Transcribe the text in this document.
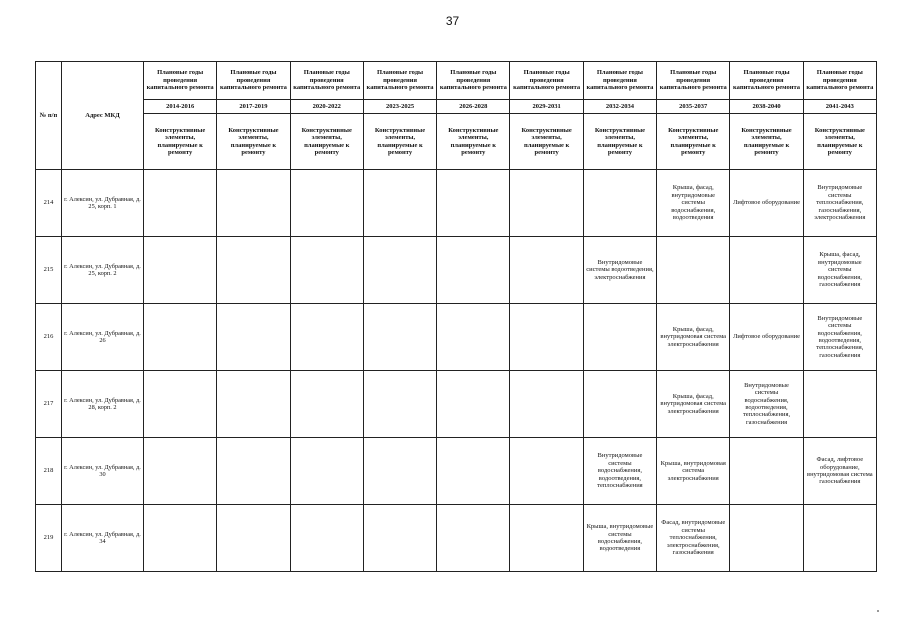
37
№ п/п	Адрес МКД	Плановые годы проведения капитального ремонта	Плановые годы проведения капитального ремонта	Плановые годы проведения капитального ремонта	Плановые годы проведения капитального ремонта	Плановые годы проведения капитального ремонта	Плановые годы проведения капитального ремонта	Плановые годы проведения капитального ремонта	Плановые годы проведения капитального ремонта	Плановые годы проведения капитального ремонта	Плановые годы проведения капитального ремонта
		2014-2016	2017-2019	2020-2022	2023-2025	2026-2028	2029-2031	2032-2034	2035-2037	2038-2040	2041-2043
		Конструктивные элементы, планируемые к ремонту	Конструктивные элементы, планируемые к ремонту	Конструктивные элементы, планируемые к ремонту	Конструктивные элементы, планируемые к ремонту	Конструктивные элементы, планируемые к ремонту	Конструктивные элементы, планируемые к ремонту	Конструктивные элементы, планируемые к ремонту	Конструктивные элементы, планируемые к ремонту	Конструктивные элементы, планируемые к ремонту	Конструктивные элементы, планируемые к ремонту
214	г. Алексин, ул. Дубравная, д. 25, корп. 1								Крыша, фасад, внутридомовые системы водоснабжения, водоотведения	Лифтовое оборудование	Внутридомовые системы теплоснабжения, газоснабжения, электроснабжения
215	г. Алексин, ул. Дубравная, д. 25, корп. 2							Внутридомовые системы водоотведения, электроснабжения			Крыша, фасад, внутридомовые системы водоснабжения, газоснабжения
216	г. Алексин, ул. Дубравная, д. 26								Крыша, фасад, внутридомовая система электроснабжения	Лифтовое оборудование	Внутридомовые системы водоснабжения, водоотведения, теплоснабжения, газоснабжения
217	г. Алексин, ул. Дубравная, д. 28, корп. 2								Крыша, фасад, внутридомовая система электроснабжения	Внутридомовые системы водоснабжения, водоотведения, теплоснабжения, газоснабжения	
218	г. Алексин, ул. Дубравная, д. 30							Внутридомовые системы водоснабжения, водоотведения, теплоснабжения	Крыша, внутридомовая система электроснабжения		Фасад, лифтовое оборудование, внутридомовая система газоснабжения
219	г. Алексин, ул. Дубравная, д. 34							Крыша, внутридомовые системы водоснабжения, водоотведения	Фасад, внутридомовые системы теплоснабжения, электроснабжения, газоснабжения		
